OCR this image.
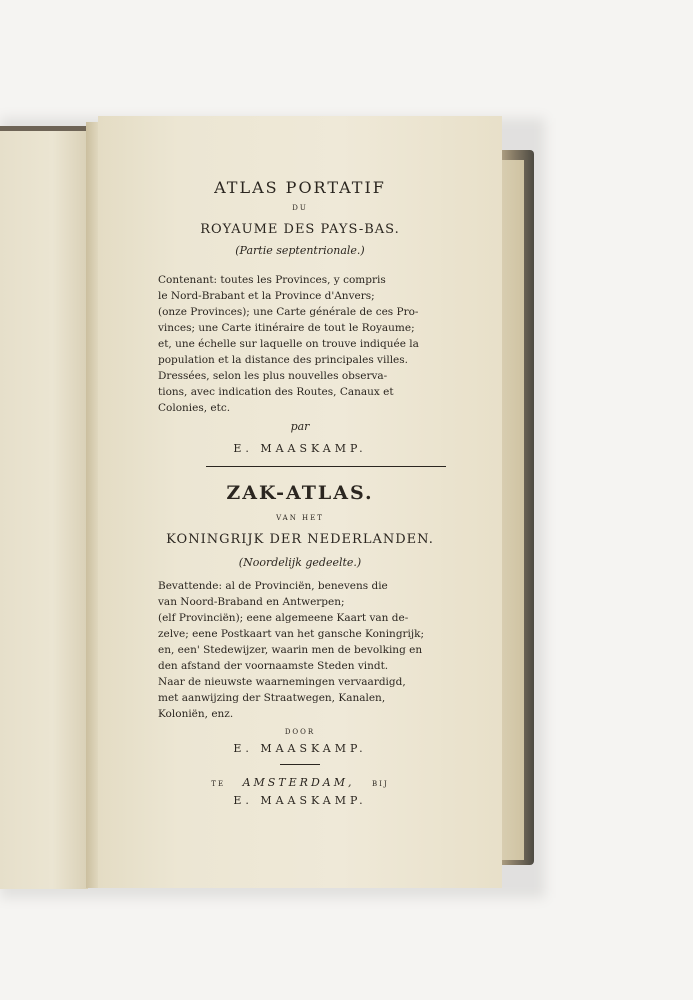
ATLAS PORTATIF
DU
ROYAUME DES PAYS-BAS.
(Partie septentrionale.)
Contenant: toutes les Provinces, y compris
le Nord-Brabant et la Province d'Anvers;
(onze Provinces); une Carte générale de ces Pro-
vinces; une Carte itinéraire de tout le Royaume;
et, une échelle sur laquelle on trouve indiquée la
population et la distance des principales villes.
Dressées, selon les plus nouvelles observa-
tions, avec indication des Routes, Canaux et
Colonies, etc.
par
E. MAASKAMP.
ZAK-ATLAS.
VAN HET
KONINGRIJK DER NEDERLANDEN.
(Noordelijk gedeelte.)
Bevattende: al de Provinciën, benevens die
van Noord-Braband en Antwerpen;
(elf Provinciën); eene algemeene Kaart van de-
zelve; eene Postkaart van het gansche Koningrijk;
en, een' Stedewijzer, waarin men de bevolking en
den afstand der voornaamste Steden vindt.
Naar de nieuwste waarnemingen vervaardigd,
met aanwijzing der Straatwegen, Kanalen,
Koloniën, enz.
DOOR
E. MAASKAMP.
TE AMSTERDAM,	BIJ
E. MAASKAMP.
